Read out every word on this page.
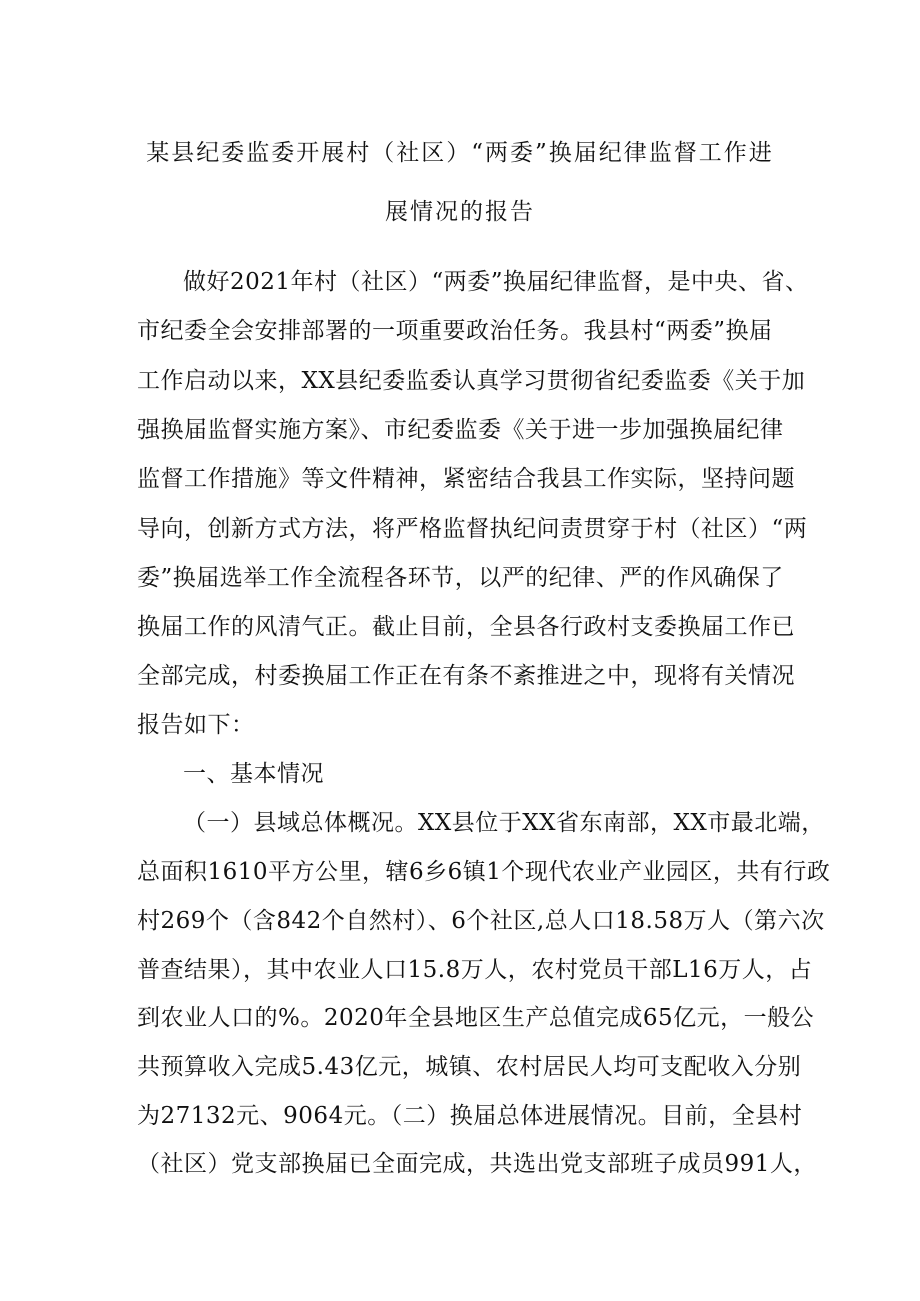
某县纪委监委开展村（社区）“两委”换届纪律监督工作进
展情况的报告
做好2021年村（社区）“两委”换届纪律监督，是中央、省、
市纪委全会安排部署的一项重要政治任务。我县村“两委”换届
工作启动以来，XX县纪委监委认真学习贯彻省纪委监委《关于加
强换届监督实施方案》、市纪委监委《关于进一步加强换届纪律
监督工作措施》等文件精神，紧密结合我县工作实际，坚持问题
导向，创新方式方法，将严格监督执纪问责贯穿于村（社区）“两
委”换届选举工作全流程各环节，以严的纪律、严的作风确保了
换届工作的风清气正。截止目前，全县各行政村支委换届工作已
全部完成，村委换届工作正在有条不紊推进之中，现将有关情况
报告如下：
一、基本情况
（一）县域总体概况。XX县位于XX省东南部，XX市最北端，
总面积1610平方公里，辖6乡6镇1个现代农业产业园区，共有行政
村269个（含842个自然村）、6个社区,总人口18.58万人（第六次
普查结果），其中农业人口15.8万人，农村党员干部L16万人，占
到农业人口的%。2020年全县地区生产总值完成65亿元，一般公
共预算收入完成5.43亿元，城镇、农村居民人均可支配收入分别
为27132元、9064元。（二）换届总体进展情况。目前，全县村
（社区）党支部换届已全面完成，共选出党支部班子成员991人，
